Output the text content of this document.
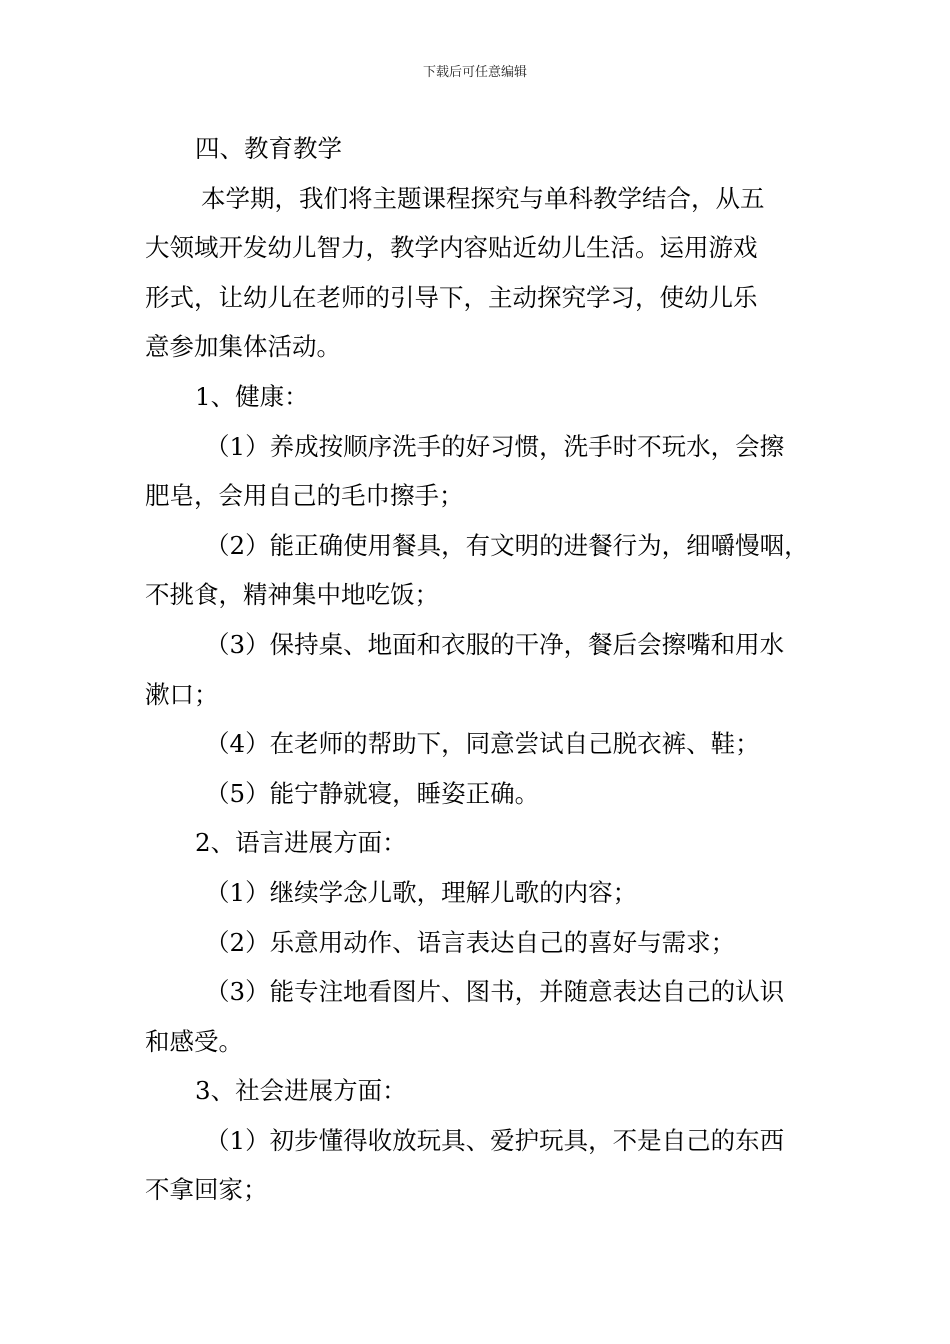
下载后可任意编辑

四、教育教学

本学期，我们将主题课程探究与单科教学结合，从五

大领域开发幼儿智力，教学内容贴近幼儿生活。运用游戏

形式，让幼儿在老师的引导下，主动探究学习，使幼儿乐

意参加集体活动。

1、健康：

（1）养成按顺序洗手的好习惯，洗手时不玩水，会擦

肥皂，会用自己的毛巾擦手；

（2）能正确使用餐具，有文明的进餐行为，细嚼慢咽，

不挑食，精神集中地吃饭；

（3）保持桌、地面和衣服的干净，餐后会擦嘴和用水

漱口；

（4）在老师的帮助下，同意尝试自己脱衣裤、鞋；

（5）能宁静就寝，睡姿正确。

2、语言进展方面：

（1）继续学念儿歌，理解儿歌的内容；

（2）乐意用动作、语言表达自己的喜好与需求；

（3）能专注地看图片、图书，并随意表达自己的认识

和感受。

3、社会进展方面：

（1）初步懂得收放玩具、爱护玩具，不是自己的东西

不拿回家；
